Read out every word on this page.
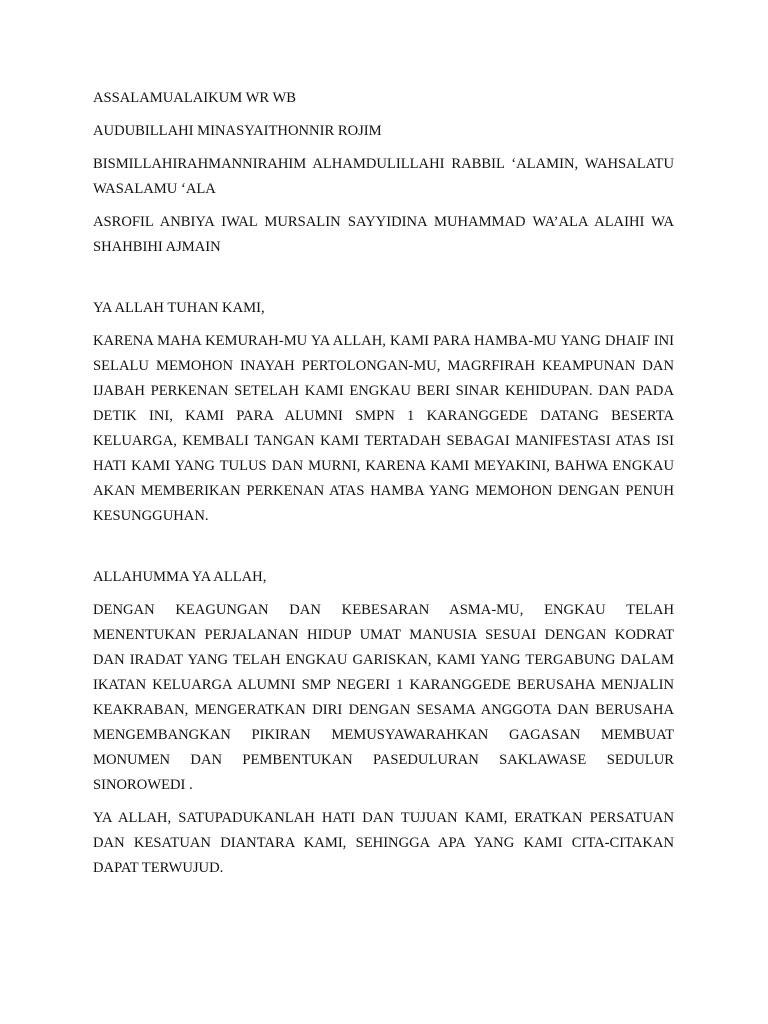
ASSALAMUALAIKUM WR WB

AUDUBILLAHI MINASYAITHONNIR ROJIM

BISMILLAHIRAHMANNIRAHIM ALHAMDULILLAHI RABBIL ‘ALAMIN, WAHSALATU WASALAMU ‘ALA

ASROFIL ANBIYA IWAL MURSALIN SAYYIDINA MUHAMMAD WA’ALA ALAIHI WA SHAHBIHI AJMAIN

YA ALLAH TUHAN KAMI,

KARENA MAHA KEMURAH-MU YA ALLAH, KAMI PARA HAMBA-MU YANG DHAIF INI SELALU MEMOHON INAYAH PERTOLONGAN-MU, MAGRFIRAH KEAMPUNAN DAN IJABAH PERKENAN SETELAH KAMI ENGKAU BERI SINAR KEHIDUPAN. DAN PADA DETIK INI, KAMI PARA ALUMNI SMPN 1 KARANGGEDE DATANG BESERTA KELUARGA, KEMBALI TANGAN KAMI TERTADAH SEBAGAI MANIFESTASI ATAS ISI HATI KAMI YANG TULUS DAN MURNI, KARENA KAMI MEYAKINI, BAHWA ENGKAU AKAN MEMBERIKAN PERKENAN ATAS HAMBA YANG MEMOHON DENGAN PENUH KESUNGGUHAN.

ALLAHUMMA YA ALLAH,

DENGAN KEAGUNGAN DAN KEBESARAN ASMA-MU, ENGKAU TELAH MENENTUKAN PERJALANAN HIDUP UMAT MANUSIA SESUAI DENGAN KODRAT DAN IRADAT YANG TELAH ENGKAU GARISKAN, KAMI YANG TERGABUNG DALAM IKATAN KELUARGA ALUMNI SMP NEGERI 1 KARANGGEDE BERUSAHA MENJALIN KEAKRABAN, MENGERATKAN DIRI DENGAN SESAMA ANGGOTA DAN BERUSAHA MENGEMBANGKAN PIKIRAN MEMUSYAWARAHKAN GAGASAN MEMBUAT MONUMEN DAN PEMBENTUKAN PASEDULURAN SAKLAWASE SEDULUR SINOROWEDI .

YA ALLAH, SATUPADUKANLAH HATI DAN TUJUAN KAMI, ERATKAN PERSATUAN DAN KESATUAN DIANTARA KAMI, SEHINGGA APA YANG KAMI CITA-CITAKAN DAPAT TERWUJUD.
